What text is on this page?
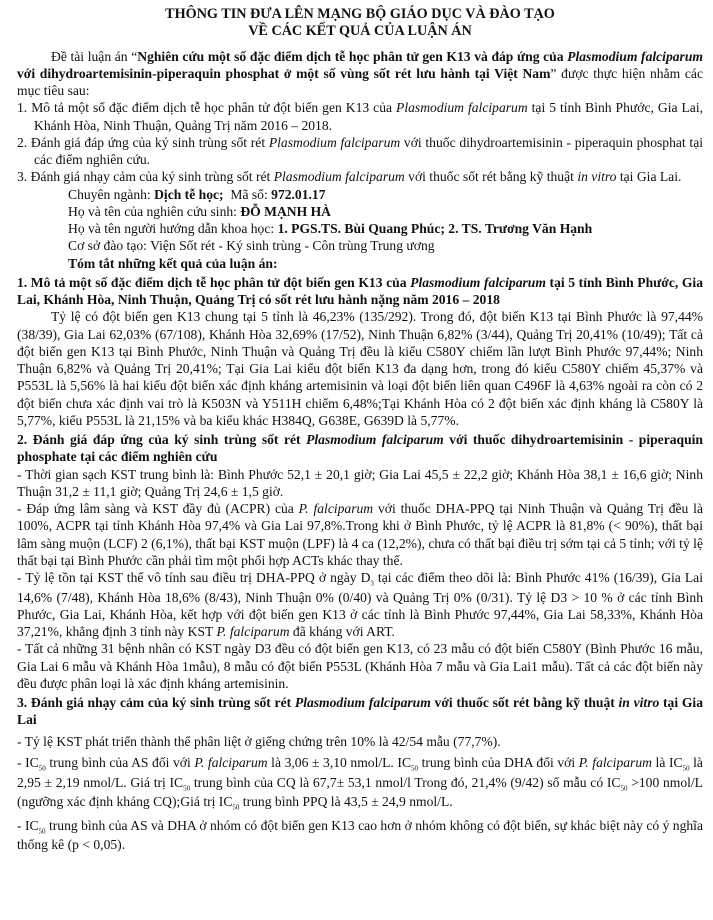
THÔNG TIN ĐƯA LÊN MẠNG BỘ GIÁO DỤC VÀ ĐÀO TẠO
VỀ CÁC KẾT QUẢ CỦA LUẬN ÁN

Đề tài luận án “Nghiên cứu một số đặc điểm dịch tễ học phân tử gen K13 và đáp ứng của Plasmodium falciparum với dihydroartemisinin-piperaquin phosphat ở một số vùng sốt rét lưu hành tại Việt Nam” được thực hiện nhằm các mục tiêu sau:

1. Mô tả một số đặc điểm dịch tễ học phân tử đột biến gen K13 của Plasmodium falciparum tại 5 tỉnh Bình Phước, Gia Lai, Khánh Hòa, Ninh Thuận, Quảng Trị năm 2016 – 2018.

2. Đánh giá đáp ứng của ký sinh trùng sốt rét Plasmodium falciparum với thuốc dihydroartemisinin - piperaquin phosphat tại các điểm nghiên cứu.

3. Đánh giá nhạy cảm của ký sinh trùng sốt rét Plasmodium falciparum với thuốc sốt rét bằng kỹ thuật in vitro tại Gia Lai.

Chuyên ngành: Dịch tễ học;  Mã số: 972.01.17

Họ và tên của nghiên cứu sinh: ĐỖ MẠNH HÀ

Họ và tên người hướng dẫn khoa học: 1. PGS.TS. Bùi Quang Phúc; 2. TS. Trương Văn Hạnh

Cơ sở đào tạo: Viện Sốt rét - Ký sinh trùng - Côn trùng Trung ương

Tóm tắt những kết quả của luận án:

1. Mô tả một số đặc điểm dịch tễ học phân tử đột biến gen K13 của Plasmodium falciparum tại 5 tỉnh Bình Phước, Gia Lai, Khánh Hòa, Ninh Thuận, Quảng Trị có sốt rét lưu hành nặng năm 2016 – 2018

Tỷ lệ có đột biến gen K13 chung tại 5 tỉnh là 46,23% (135/292). Trong đó, đột biến K13 tại Bình Phước là 97,44% (38/39), Gia Lai 62,03% (67/108), Khánh Hòa 32,69% (17/52), Ninh Thuận 6,82% (3/44), Quảng Trị 20,41% (10/49); Tất cả đột biến gen K13 tại Bình Phước, Ninh Thuận và Quảng Trị đều là kiểu C580Y chiếm lần lượt Bình Phước 97,44%; Ninh Thuận 6,82% và Quảng Trị 20,41%; Tại Gia Lai kiểu đột biến K13 đa dạng hơn, trong đó kiểu C580Y chiếm 45,37% và P553L là 5,56% là hai kiểu đột biến xác định kháng artemisinin và loại đột biến liên quan C496F là 4,63% ngoài ra còn có 2 đột biến chưa xác định vai trò là K503N và Y511H chiếm 6,48%;Tại Khánh Hòa có 2 đột biến xác định kháng là C580Y là 5,77%, kiểu P553L là 21,15% và ba kiểu khác H384Q, G638E, G639D là 5,77%.

2. Đánh giá đáp ứng của ký sinh trùng sốt rét Plasmodium falciparum với thuốc dihydroartemisinin - piperaquin phosphate tại các điểm nghiên cứu

- Thời gian sạch KST trung bình là: Bình Phước 52,1 ± 20,1 giờ; Gia Lai 45,5 ± 22,2 giờ; Khánh Hòa 38,1 ± 16,6 giờ; Ninh Thuận 31,2 ± 11,1 giờ; Quảng Trị 24,6 ± 1,5 giờ.

- Đáp ứng lâm sàng và KST đầy đủ (ACPR) của P. falciparum với thuốc DHA-PPQ tại Ninh Thuận và Quảng Trị đều là 100%, ACPR tại tỉnh Khánh Hòa 97,4% và Gia Lai 97,8%.Trong khi ở Bình Phước, tỷ lệ ACPR là 81,8% (< 90%), thất bại lâm sàng muộn (LCF) 2 (6,1%), thất bại KST muộn (LPF) là 4 ca (12,2%), chưa có thất bại điều trị sớm tại cả 5 tỉnh; với tỷ lệ thất bại tại Bình Phước cần phải tìm một phối hợp ACTs khác thay thế.

- Tỷ lệ tồn tại KST thể vô tính sau điều trị DHA-PPQ ở ngày $D_3$ tại các điểm theo dõi là: Bình Phước 41% (16/39), Gia Lai 14,6% (7/48), Khánh Hòa 18,6% (8/43), Ninh Thuận 0% (0/40) và Quảng Trị 0% (0/31). Tỷ lệ D3 > 10 % ở các tỉnh Bình Phước, Gia Lai, Khánh Hòa, kết hợp với đột biến gen K13 ở các tỉnh là Bình Phước 97,44%, Gia Lai 58,33%, Khánh Hòa 37,21%, khẳng định 3 tỉnh này KST P. falciparum đã kháng với ART.

- Tất cả những 31 bệnh nhân có KST ngày D3 đều có đột biến gen K13, có 23 mẫu có đột biến C580Y (Bình Phước 16 mẫu, Gia Lai 6 mẫu và Khánh Hòa 1mẫu), 8 mẫu có đột biến P553L (Khánh Hòa 7 mẫu và Gia Lai1 mẫu). Tất cả các đột biến này đều được phân loại là xác định kháng artemisinin.

3. Đánh giá nhạy cảm của ký sinh trùng sốt rét Plasmodium falciparum với thuốc sốt rét bằng kỹ thuật in vitro tại Gia Lai

- Tỷ lệ KST phát triển thành thể phân liệt ở giếng chứng trên 10% là 42/54 mẫu (77,7%).

- $IC_{50}$ trung bình của AS đối với P. falciparum là 3,06 ± 3,10 nmol/L. $IC_{50}$ trung bình của DHA đối với P. falciparum là $IC_{50}$ là 2,95 ± 2,19 nmol/L. Giá trị $IC_{50}$ trung bình của CQ là 67,7± 53,1 nmol/l Trong đó, 21,4% (9/42) số mẫu có $IC_{50} >100$ nmol/L (ngưỡng xác định kháng CQ);Giá trị $IC_{50}$ trung bình PPQ là 43,5 ± 24,9 nmol/L.

- $IC_{50}$ trung bình của AS và DHA ở nhóm có đột biến gen K13 cao hơn ở nhóm không có đột biến, sự khác biệt này có ý nghĩa thống kê (p < 0,05).
